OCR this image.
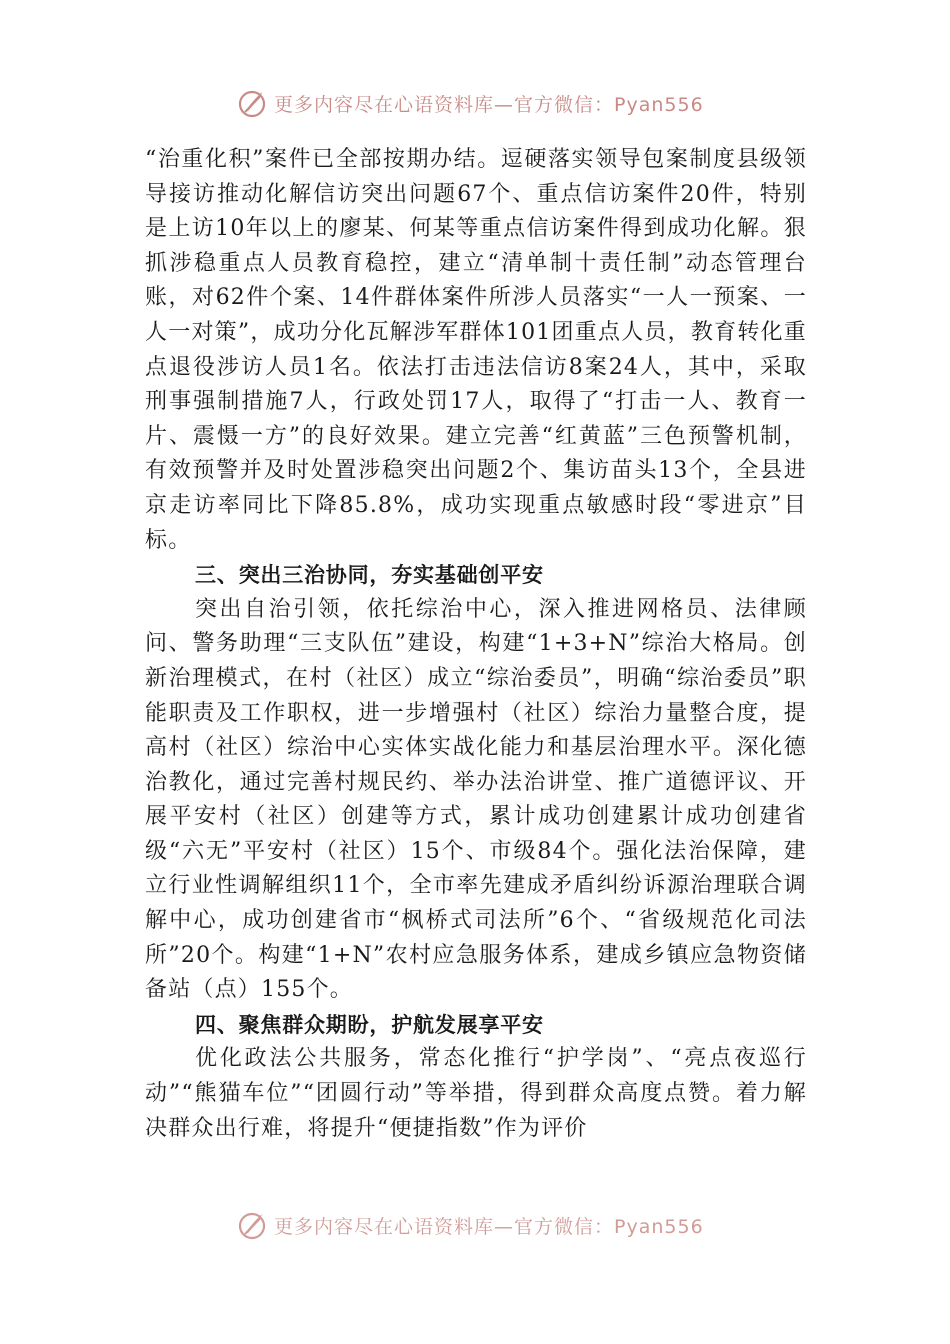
更多内容尽在心语资料库—官方微信：Pyan556

“治重化积”案件已全部按期办结。逗硬落实领导包案制度县级领导接访推动化解信访突出问题67个、重点信访案件20件，特别是上访10年以上的廖某、何某等重点信访案件得到成功化解。狠抓涉稳重点人员教育稳控，建立“清单制十责任制”动态管理台账，对62件个案、14件群体案件所涉人员落实“一人一预案、一人一对策”，成功分化瓦解涉军群体101团重点人员，教育转化重点退役涉访人员1名。依法打击违法信访8案24人，其中，采取刑事强制措施7人，行政处罚17人，取得了“打击一人、教育一片、震慑一方”的良好效果。建立完善“红黄蓝”三色预警机制，有效预警并及时处置涉稳突出问题2个、集访苗头13个，全县进京走访率同比下降85.8%，成功实现重点敏感时段“零进京”目标。

三、突出三治协同，夯实基础创平安

突出自治引领，依托综治中心，深入推进网格员、法律顾问、警务助理“三支队伍”建设，构建“1+3+N”综治大格局。创新治理模式，在村（社区）成立“综治委员”，明确“综治委员”职能职责及工作职权，进一步增强村（社区）综治力量整合度，提高村（社区）综治中心实体实战化能力和基层治理水平。深化德治教化，通过完善村规民约、举办法治讲堂、推广道德评议、开展平安村（社区）创建等方式，累计成功创建累计成功创建省级“六无”平安村（社区）15个、市级84个。强化法治保障，建立行业性调解组织11个，全市率先建成矛盾纠纷诉源治理联合调解中心，成功创建省市“枫桥式司法所”6个、“省级规范化司法所”20个。构建“1+N”农村应急服务体系，建成乡镇应急物资储备站（点）155个。

四、聚焦群众期盼，护航发展享平安

优化政法公共服务，常态化推行“护学岗”、“亮点夜巡行动”“熊猫车位”“团圆行动”等举措，得到群众高度点赞。着力解决群众出行难，将提升“便捷指数”作为评价

更多内容尽在心语资料库—官方微信：Pyan556
